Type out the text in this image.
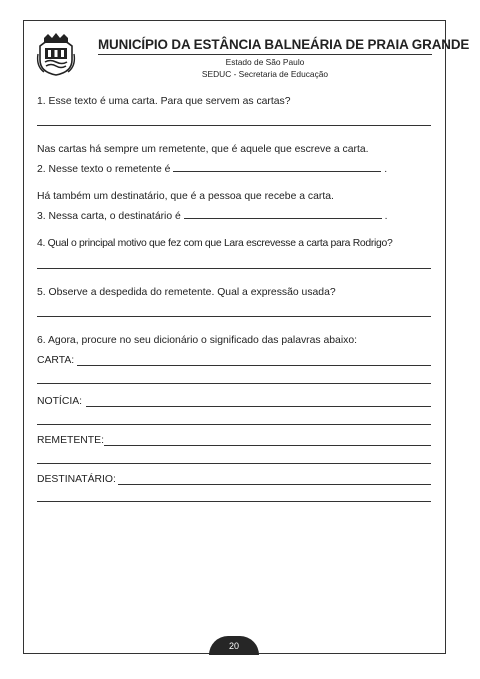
MUNICÍPIO DA ESTÂNCIA BALNEÁRIA DE PRAIA GRANDE
Estado de São Paulo
SEDUC - Secretaria de Educação
1. Esse texto é uma carta. Para que servem as cartas?
Nas cartas há sempre um remetente, que é aquele que escreve a carta.
2. Nesse texto o remetente é	.
Há também um destinatário, que é a pessoa que recebe a carta.
3. Nessa carta, o destinatário é	.
4. Qual o principal motivo que fez com que Lara escrevesse a carta para Rodrigo?
5. Observe a despedida do remetente. Qual a expressão usada?
6. Agora, procure no seu dicionário o significado das palavras abaixo:
CARTA:
NOTÍCIA:
REMETENTE:
DESTINATÁRIO:
20
